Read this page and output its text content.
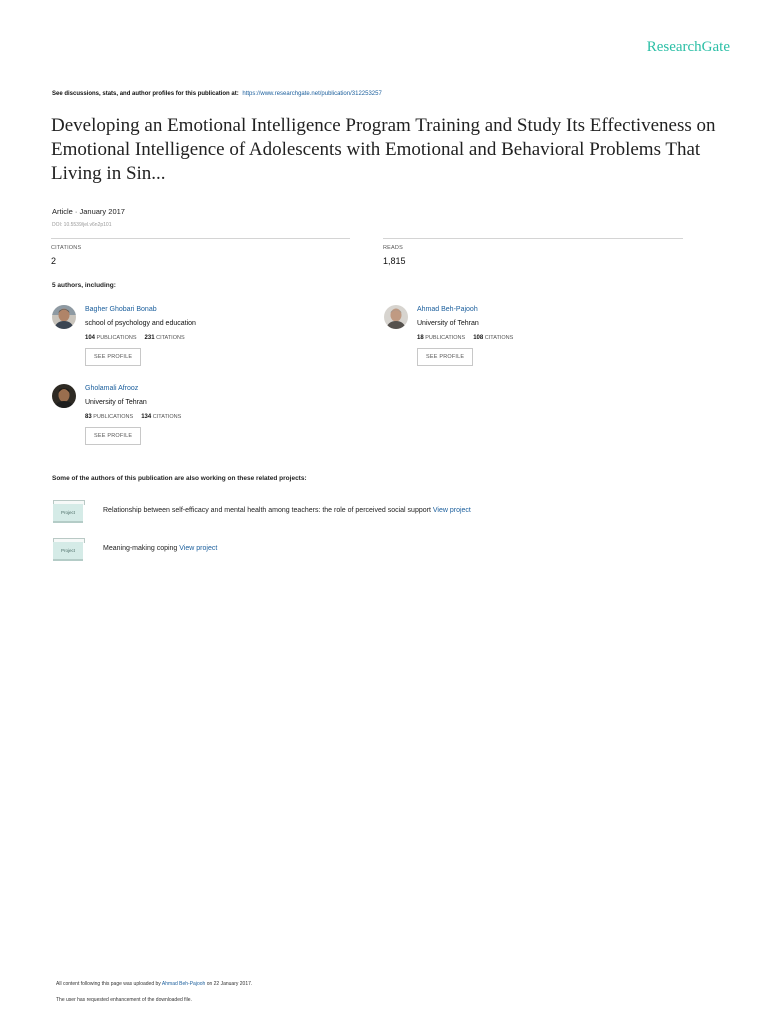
ResearchGate
See discussions, stats, and author profiles for this publication at: https://www.researchgate.net/publication/312253257
Developing an Emotional Intelligence Program Training and Study Its Effectiveness on Emotional Intelligence of Adolescents with Emotional and Behavioral Problems That Living in Sin...
Article · January 2017
DOI: 10.5539/jel.v6n2p101
CITATIONS
2
READS
1,815
5 authors, including:
Bagher Ghobari Bonab
school of psychology and education
104 PUBLICATIONS 231 CITATIONS
SEE PROFILE
Ahmad Beh-Pajooh
University of Tehran
18 PUBLICATIONS 108 CITATIONS
SEE PROFILE
Gholamali Afrooz
University of Tehran
83 PUBLICATIONS 134 CITATIONS
SEE PROFILE
Some of the authors of this publication are also working on these related projects:
Project	Relationship between self-efficacy and mental health among teachers: the role of perceived social support View project
Project	Meaning-making coping View project
All content following this page was uploaded by Ahmad Beh-Pajooh on 22 January 2017.
The user has requested enhancement of the downloaded file.
